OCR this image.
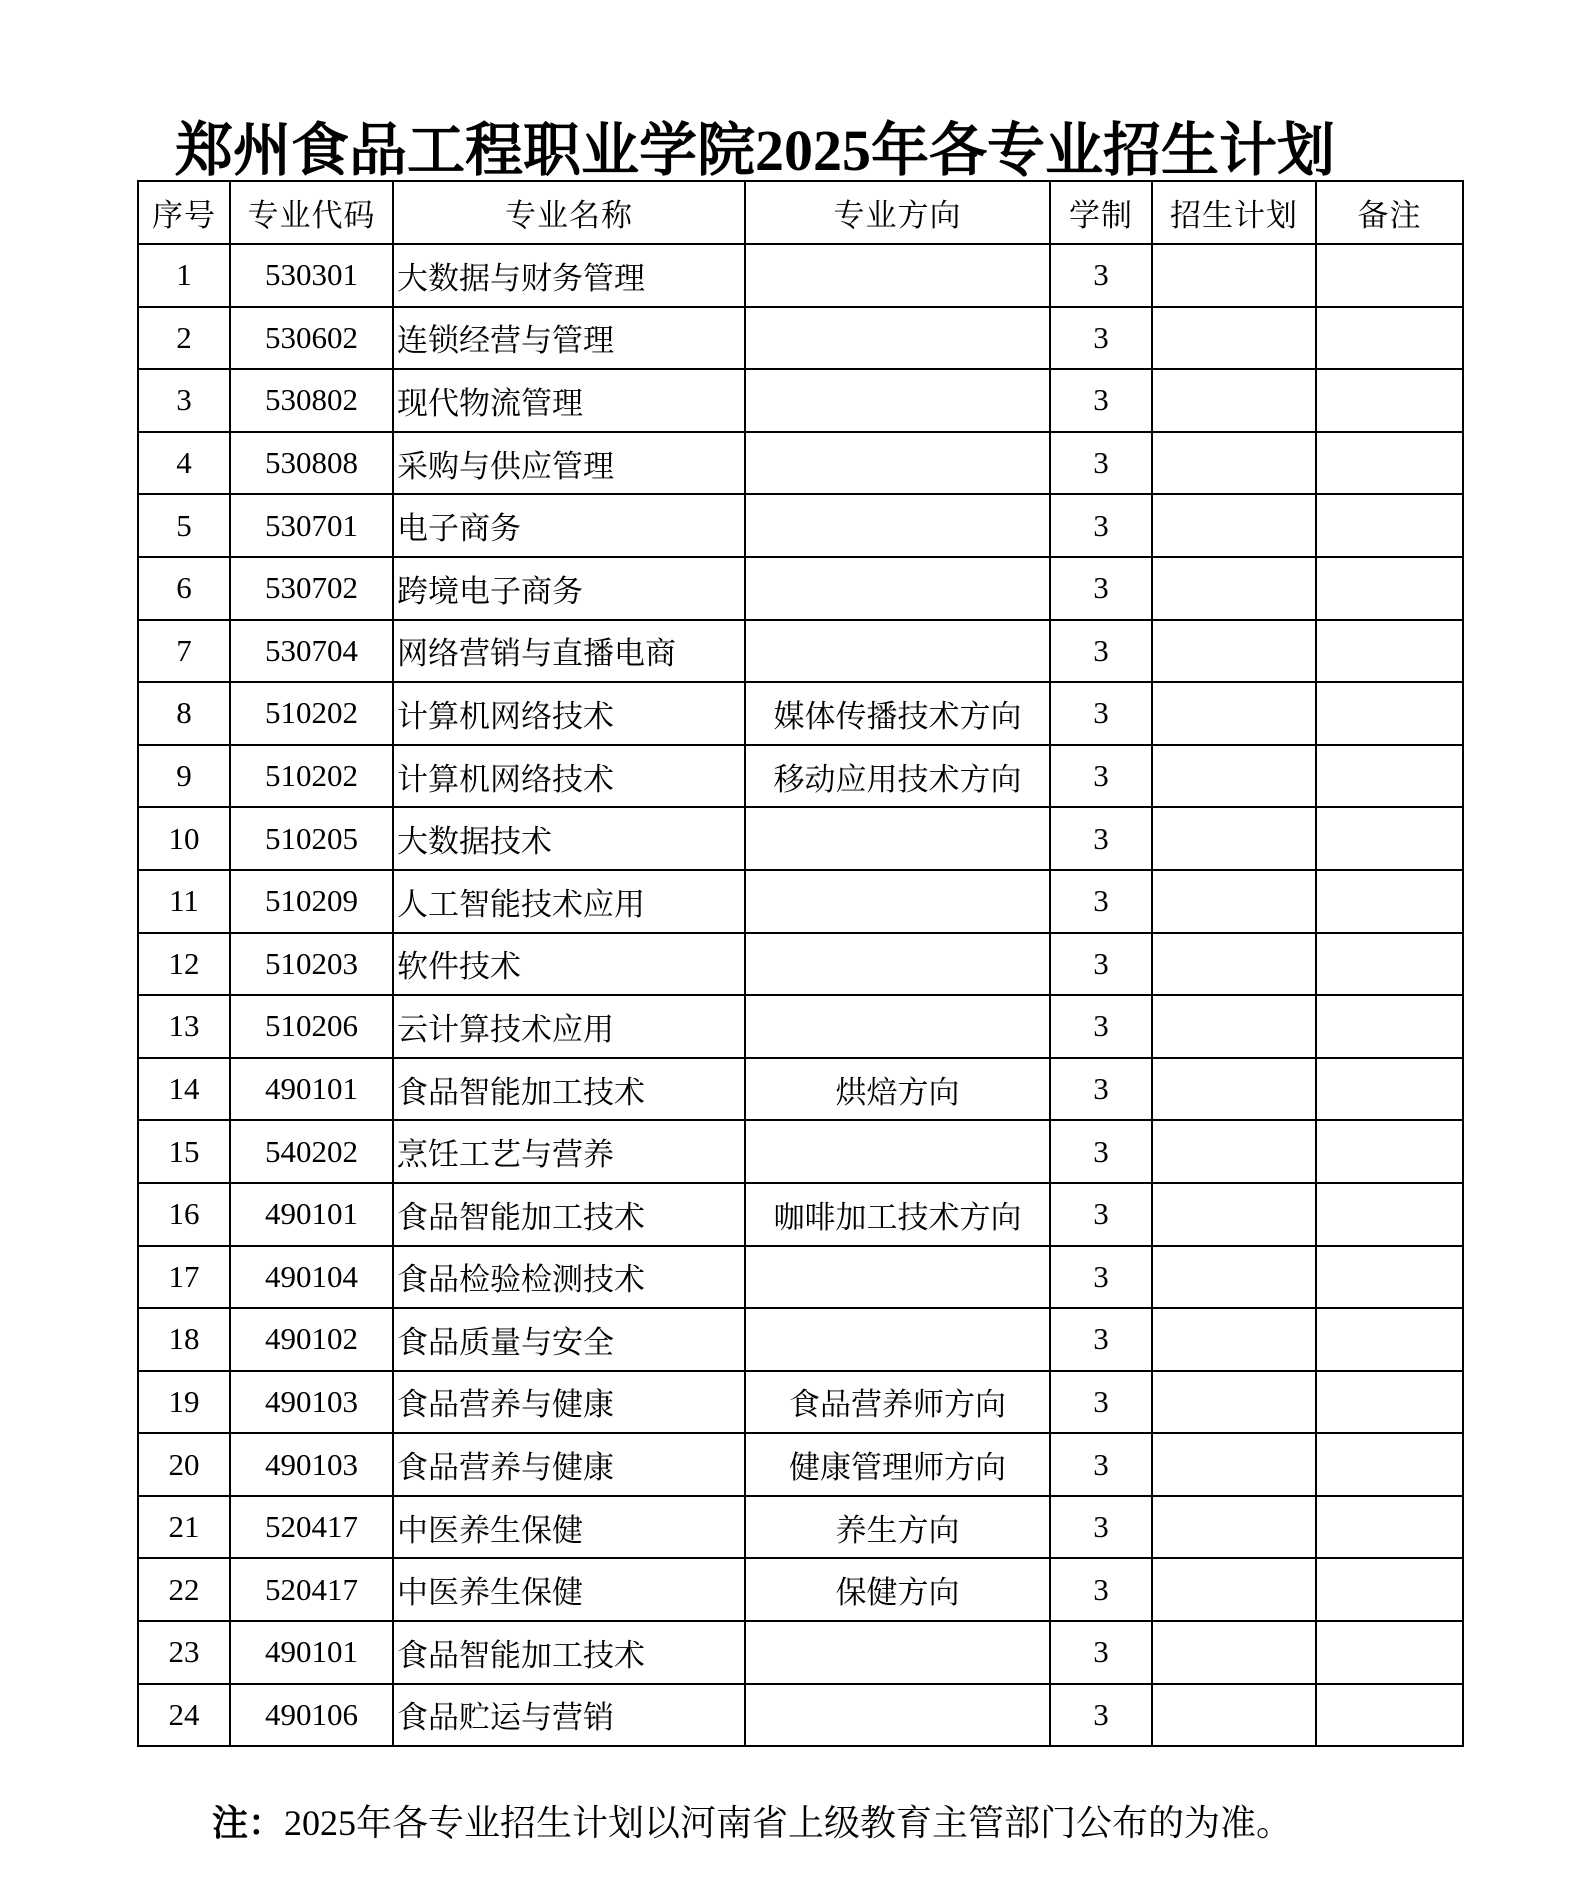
郑州食品工程职业学院2025年各专业招生计划
序号	专业代码	专业名称	专业方向	学制	招生计划	备注
1	530301	大数据与财务管理		3		
2	530602	连锁经营与管理		3		
3	530802	现代物流管理		3		
4	530808	采购与供应管理		3		
5	530701	电子商务		3		
6	530702	跨境电子商务		3		
7	530704	网络营销与直播电商		3		
8	510202	计算机网络技术	媒体传播技术方向	3		
9	510202	计算机网络技术	移动应用技术方向	3		
10	510205	大数据技术		3		
11	510209	人工智能技术应用		3		
12	510203	软件技术		3		
13	510206	云计算技术应用		3		
14	490101	食品智能加工技术	烘焙方向	3		
15	540202	烹饪工艺与营养		3		
16	490101	食品智能加工技术	咖啡加工技术方向	3		
17	490104	食品检验检测技术		3		
18	490102	食品质量与安全		3		
19	490103	食品营养与健康	食品营养师方向	3		
20	490103	食品营养与健康	健康管理师方向	3		
21	520417	中医养生保健	养生方向	3		
22	520417	中医养生保健	保健方向	3		
23	490101	食品智能加工技术		3		
24	490106	食品贮运与营销		3		

注：2025年各专业招生计划以河南省上级教育主管部门公布的为准。
